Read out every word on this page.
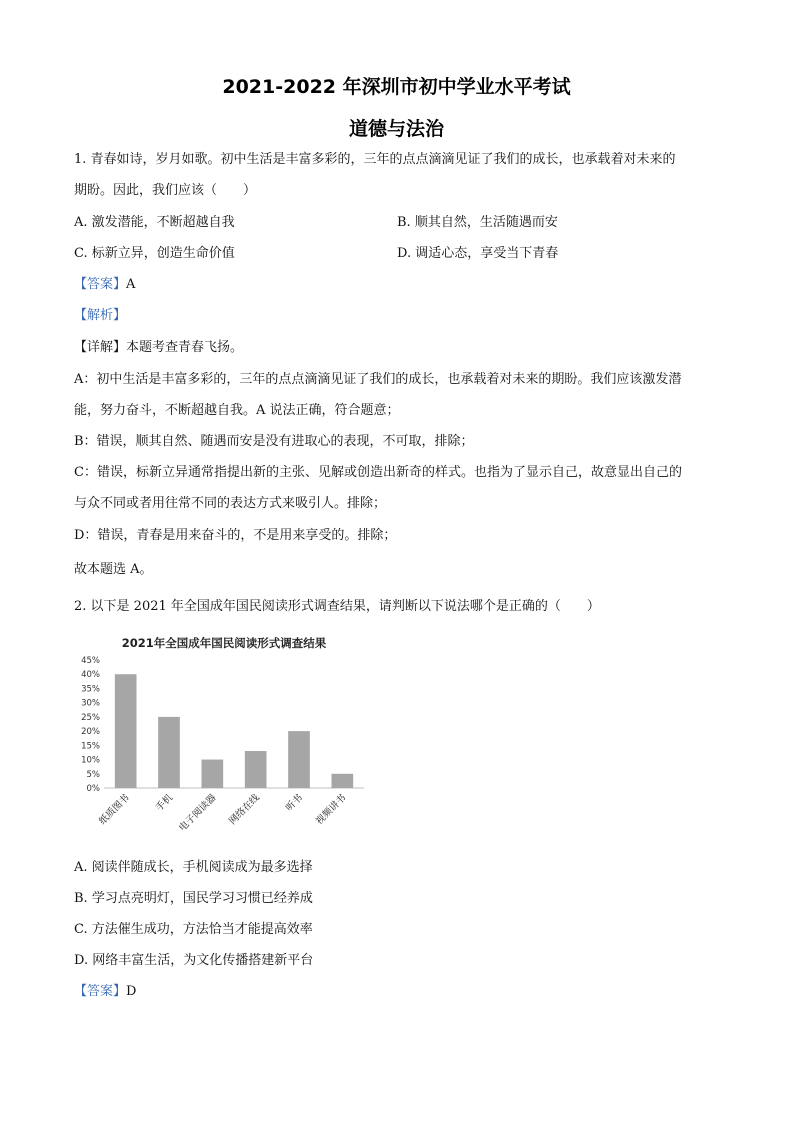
2021-2022 年深圳市初中学业水平考试
道德与法治
1. 青春如诗，岁月如歌。初中生活是丰富多彩的，三年的点点滴滴见证了我们的成长，也承载着对未来的
期盼。因此，我们应该（　　）
A. 激发潜能，不断超越自我	B. 顺其自然，生活随遇而安
C. 标新立异，创造生命价值	D. 调适心态，享受当下青春
【答案】A
【解析】
【详解】本题考查青春飞扬。
A：初中生活是丰富多彩的，三年的点点滴滴见证了我们的成长，也承载着对未来的期盼。我们应该激发潜
能，努力奋斗，不断超越自我。A 说法正确，符合题意；
B：错误，顺其自然、随遇而安是没有进取心的表现，不可取，排除；
C：错误，标新立异通常指提出新的主张、见解或创造出新奇的样式。也指为了显示自己，故意显出自己的
与众不同或者用往常不同的表达方式来吸引人。排除；
D：错误，青春是用来奋斗的，不是用来享受的。排除；
故本题选 A。
2. 以下是 2021 年全国成年国民阅读形式调查结果，请判断以下说法哪个是正确的（　　）
2021年全国成年国民阅读形式调查结果
0%
5%
10%
15%
20%
25%
30%
35%
40%
45%
纸质图书 手机 电子阅读器 网络在线 听书 视频讲书
A. 阅读伴随成长，手机阅读成为最多选择
B. 学习点亮明灯，国民学习习惯已经养成
C. 方法催生成功，方法恰当才能提高效率
D. 网络丰富生活，为文化传播搭建新平台
【答案】D
